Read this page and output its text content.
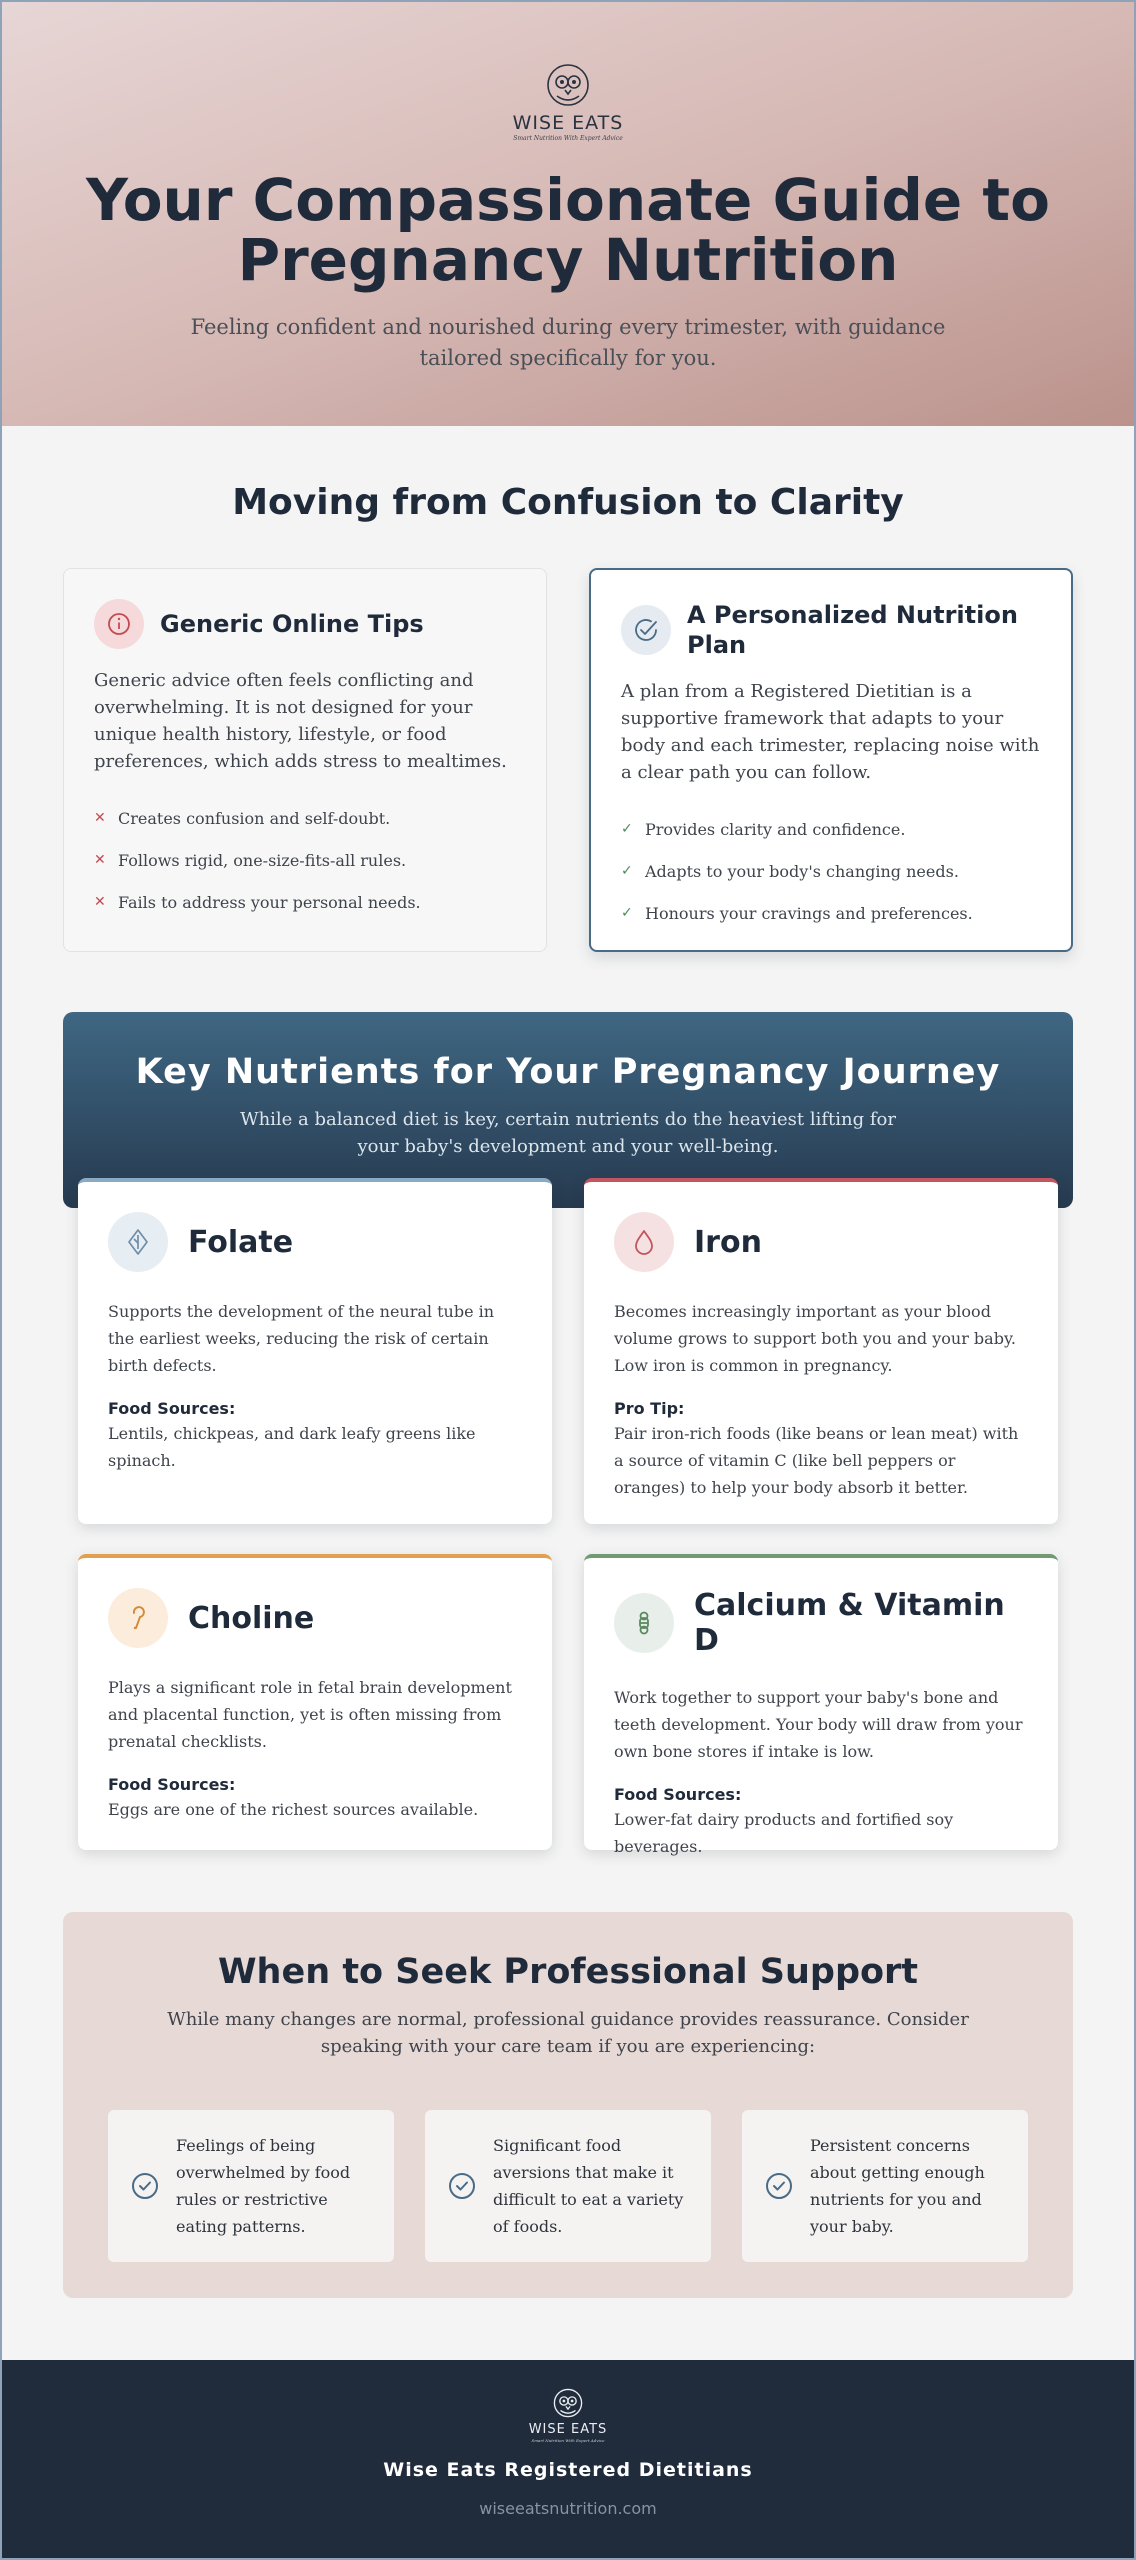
WISE EATS
Smart Nutrition With Expert Advice
Your Compassionate Guide to Pregnancy Nutrition

Feeling confident and nourished during every trimester, with guidance tailored specifically for you.

Moving from Confusion to Clarity
Generic Online Tips
Generic advice often feels conflicting and overwhelming. It is not designed for your unique health history, lifestyle, or food preferences, which adds stress to mealtimes.
✕ Creates confusion and self-doubt.
✕ Follows rigid, one-size-fits-all rules.
✕ Fails to address your personal needs.
A Personalized Nutrition Plan
A plan from a Registered Dietitian is a supportive framework that adapts to your body and each trimester, replacing noise with a clear path you can follow.
✓ Provides clarity and confidence.
✓ Adapts to your body's changing needs.
✓ Honours your cravings and preferences.
Key Nutrients for Your Pregnancy Journey

While a balanced diet is key, certain nutrients do the heaviest lifting for your baby's development and your well-being.

Folate
Supports the development of the neural tube in the earliest weeks, reducing the risk of certain birth defects.
Food Sources:
Lentils, chickpeas, and dark leafy greens like spinach.
Iron
Becomes increasingly important as your blood volume grows to support both you and your baby. Low iron is common in pregnancy.
Pro Tip:
Pair iron-rich foods (like beans or lean meat) with a source of vitamin C (like bell peppers or oranges) to help your body absorb it better.
Choline
Plays a significant role in fetal brain development and placental function, yet is often missing from prenatal checklists.
Food Sources:
Eggs are one of the richest sources available.
Calcium & Vitamin D
Work together to support your baby's bone and teeth development. Your body will draw from your own bone stores if intake is low.
Food Sources:
Lower-fat dairy products and fortified soy beverages.
When to Seek Professional Support

While many changes are normal, professional guidance provides reassurance. Consider speaking with your care team if you are experiencing:

Feelings of being overwhelmed by food rules or restrictive eating patterns.
Significant food aversions that make it difficult to eat a variety of foods.
Persistent concerns about getting enough nutrients for you and your baby.
WISE EATS
Smart Nutrition With Expert Advice
Wise Eats Registered Dietitians
wiseeatsnutrition.com
